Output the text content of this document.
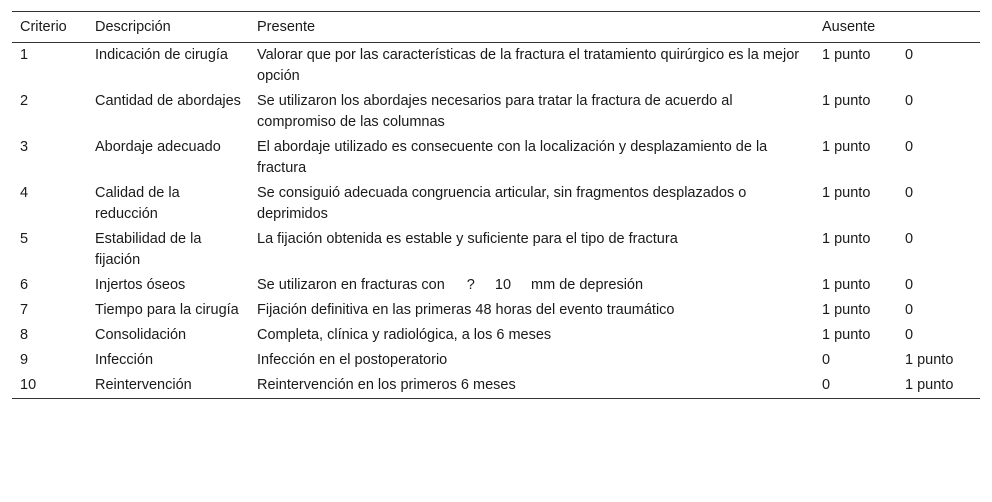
Criterio	Descripción	Presente	Ausente	
1	Indicación de cirugía	Valorar que por las características de la fractura el tratamiento quirúrgico es la mejor opción	1 punto	0
2	Cantidad de abordajes	Se utilizaron los abordajes necesarios para tratar la fractura de acuerdo al compromiso de las columnas	1 punto	0
3	Abordaje adecuado	El abordaje utilizado es consecuente con la localización y desplazamiento de la fractura	1 punto	0
4	Calidad de la reducción	Se consiguió adecuada congruencia articular, sin fragmentos desplazados o deprimidos	1 punto	0
5	Estabilidad de la fijación	La fijación obtenida es estable y suficiente para el tipo de fractura	1 punto	0
6	Injertos óseos	Se utilizaron en fracturas con ? 10 mm de depresión	1 punto	0
7	Tiempo para la cirugía	Fijación definitiva en las primeras 48 horas del evento traumático	1 punto	0
8	Consolidación	Completa, clínica y radiológica, a los 6 meses	1 punto	0
9	Infección	Infección en el postoperatorio	0	1 punto
10	Reintervención	Reintervención en los primeros 6 meses	0	1 punto
